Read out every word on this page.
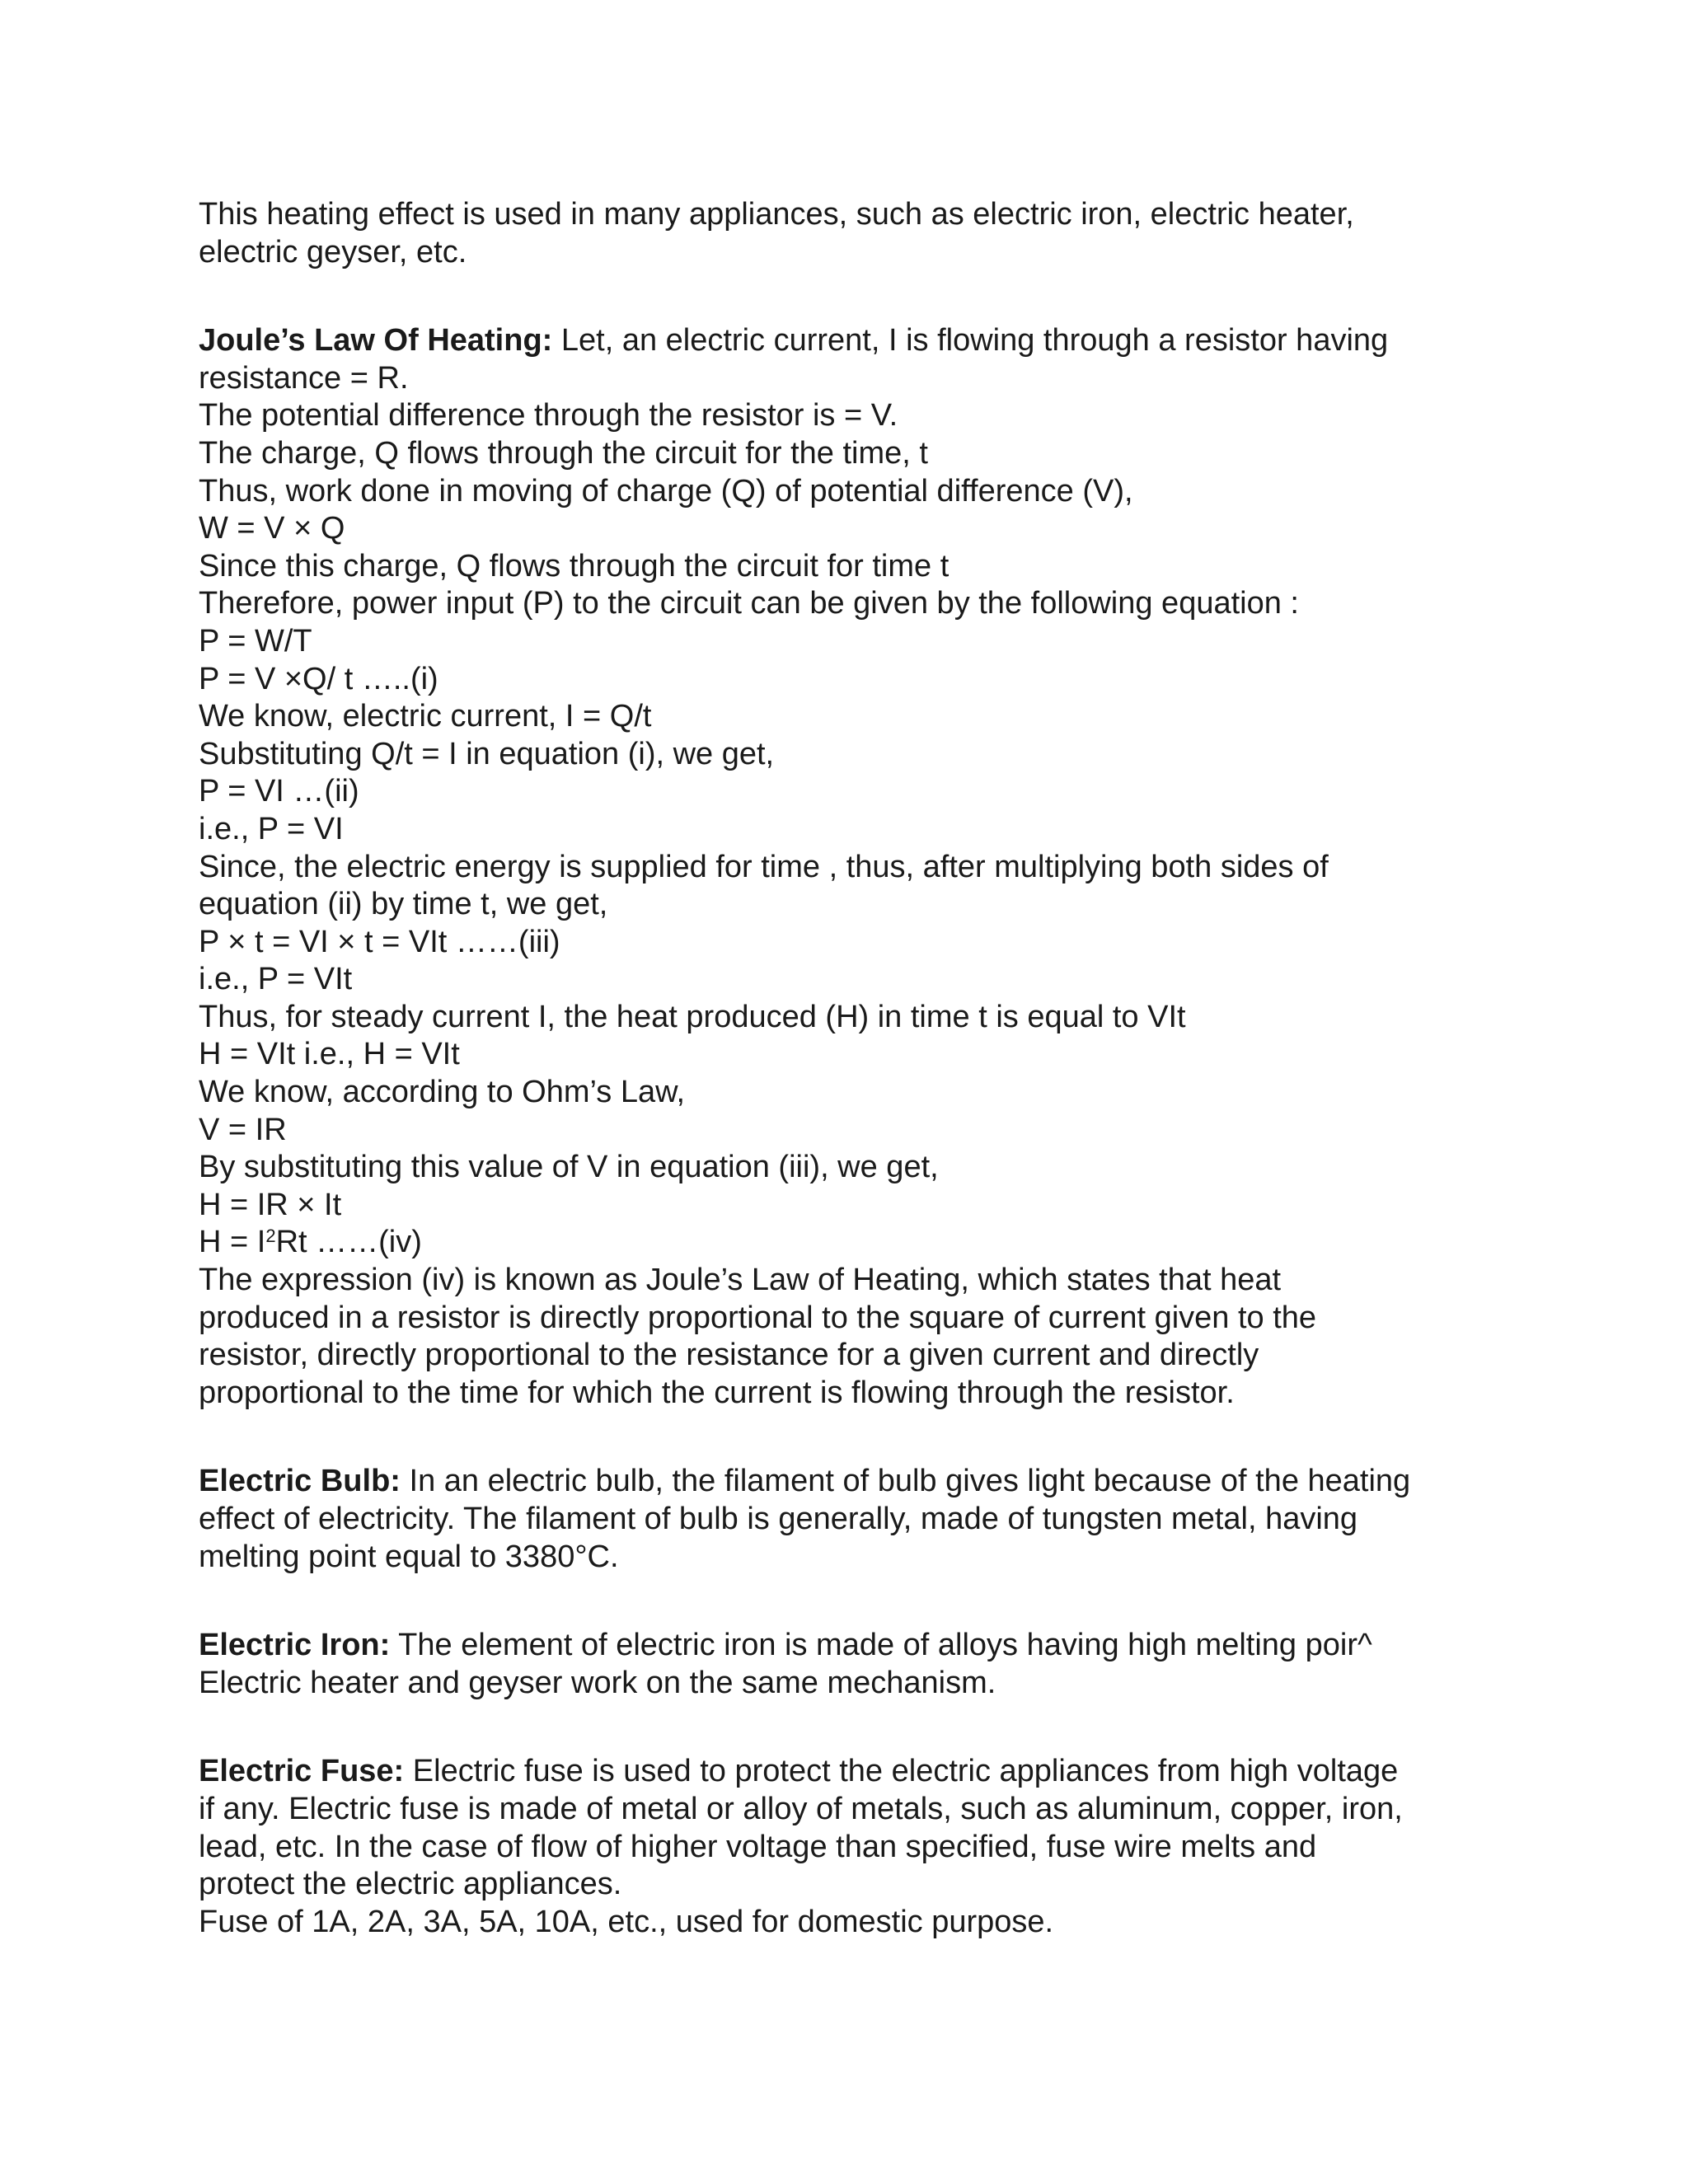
This heating effect is used in many appliances, such as electric iron, electric heater,
electric geyser, etc.

Joule’s Law Of Heating: Let, an electric current, I is flowing through a resistor having
resistance = R.
The potential difference through the resistor is = V.
The charge, Q flows through the circuit for the time, t
Thus, work done in moving of charge (Q) of potential difference (V),
W = V × Q
Since this charge, Q flows through the circuit for time t
Therefore, power input (P) to the circuit can be given by the following equation :
P = W/T
P = V ×Q/ t …..(i)
We know, electric current, I = Q/t
Substituting Q/t = I in equation (i), we get,
P = VI …(ii)
i.e., P = VI
Since, the electric energy is supplied for time , thus, after multiplying both sides of
equation (ii) by time t, we get,
P × t = VI × t = VIt ……(iii)
i.e., P = VIt
Thus, for steady current I, the heat produced (H) in time t is equal to VIt
H = VIt i.e., H = VIt
We know, according to Ohm’s Law,
V = IR
By substituting this value of V in equation (iii), we get,
H = IR × It
$H = I^2Rt$ ……(iv)
The expression (iv) is known as Joule’s Law of Heating, which states that heat
produced in a resistor is directly proportional to the square of current given to the
resistor, directly proportional to the resistance for a given current and directly
proportional to the time for which the current is flowing through the resistor.
Electric Bulb: In an electric bulb, the filament of bulb gives light because of the heating
effect of electricity. The filament of bulb is generally, made of tungsten metal, having
melting point equal to 3380°C.
Electric Iron: The element of electric iron is made of alloys having high melting poir^
Electric heater and geyser work on the same mechanism.
Electric Fuse: Electric fuse is used to protect the electric appliances from high voltage
if any. Electric fuse is made of metal or alloy of metals, such as aluminum, copper, iron,
lead, etc. In the case of flow of higher voltage than specified, fuse wire melts and
protect the electric appliances.
Fuse of 1A, 2A, 3A, 5A, 10A, etc., used for domestic purpose.
